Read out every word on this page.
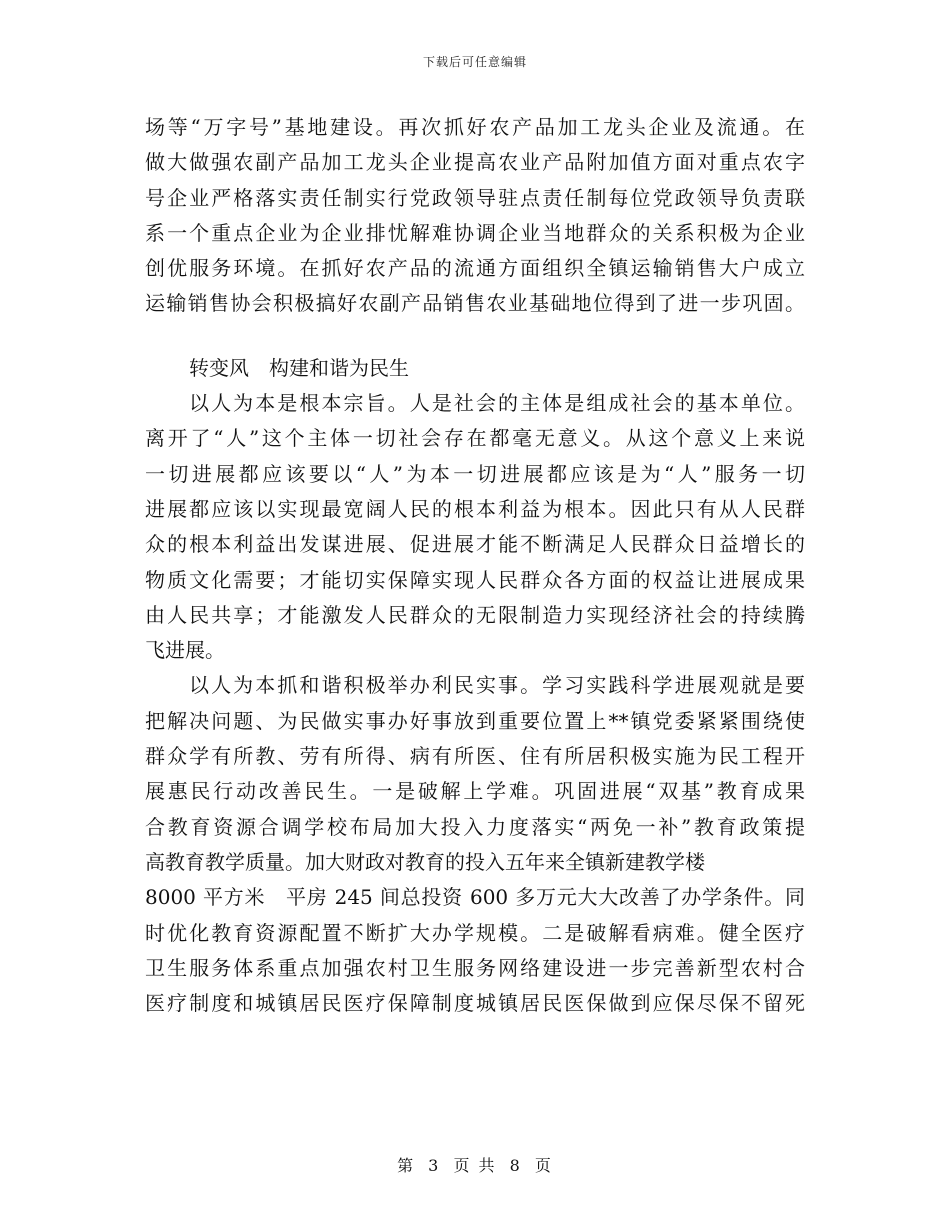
下载后可任意编辑
场等“万字号”基地建设。再次抓好农产品加工龙头企业及流通。在
做大做强农副产品加工龙头企业提高农业产品附加值方面对重点农字
号企业严格落实责任制实行党政领导驻点责任制每位党政领导负责联
系一个重点企业为企业排忧解难协调企业当地群众的关系积极为企业
创优服务环境。在抓好农产品的流通方面组织全镇运输销售大户成立
运输销售协会积极搞好农副产品销售农业基础地位得到了进一步巩固。
转变风　构建和谐为民生
以人为本是根本宗旨。人是社会的主体是组成社会的基本单位。
离开了“人”这个主体一切社会存在都毫无意义。从这个意义上来说
一切进展都应该要以“人”为本一切进展都应该是为“人”服务一切
进展都应该以实现最宽阔人民的根本利益为根本。因此只有从人民群
众的根本利益出发谋进展、促进展才能不断满足人民群众日益增长的
物质文化需要；才能切实保障实现人民群众各方面的权益让进展成果
由人民共享；才能激发人民群众的无限制造力实现经济社会的持续腾
飞进展。
以人为本抓和谐积极举办利民实事。学习实践科学进展观就是要
把解决问题、为民做实事办好事放到重要位置上**镇党委紧紧围绕使
群众学有所教、劳有所得、病有所医、住有所居积极实施为民工程开
展惠民行动改善民生。一是破解上学难。巩固进展“双基”教育成果
合教育资源合调学校布局加大投入力度落实“两免一补”教育政策提
高教育教学质量。加大财政对教育的投入五年来全镇新建教学楼
8000 平方米　平房 245 间总投资 600 多万元大大改善了办学条件。同
时优化教育资源配置不断扩大办学规模。二是破解看病难。健全医疗
卫生服务体系重点加强农村卫生服务网络建设进一步完善新型农村合
医疗制度和城镇居民医疗保障制度城镇居民医保做到应保尽保不留死
第 3 页 共 8 页
